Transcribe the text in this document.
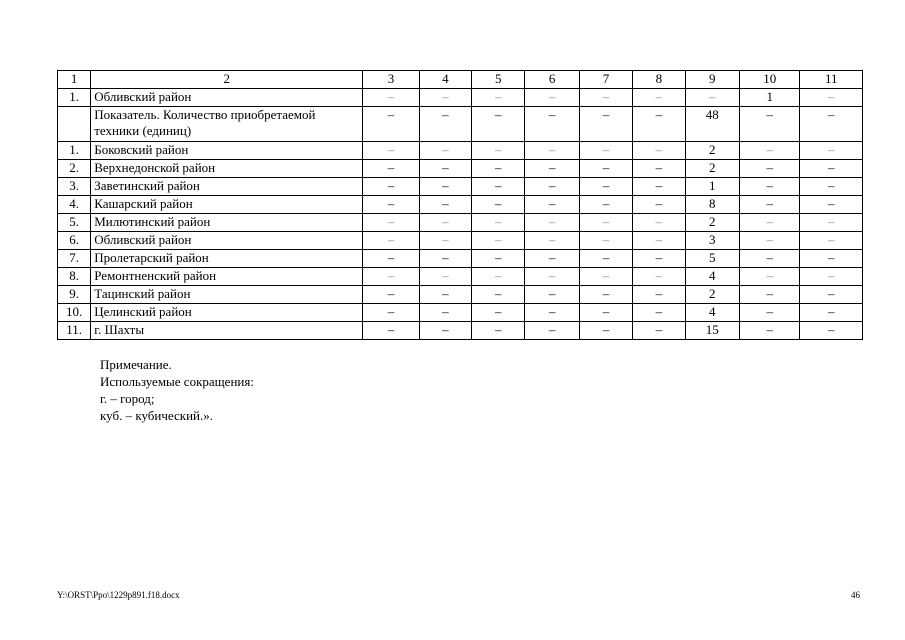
1	2	3	4	5	6	7	8	9	10	11
1.	Обливский район	–	–	–	–	–	–	–	1	–
	Показатель. Количество приобретаемой техники (единиц)	–	–	–	–	–	–	48	–	–
1.	Боковский район	–	–	–	–	–	–	2	–	–
2.	Верхнедонской район	–	–	–	–	–	–	2	–	–
3.	Заветинский район	–	–	–	–	–	–	1	–	–
4.	Кашарский район	–	–	–	–	–	–	8	–	–
5.	Милютинский район	–	–	–	–	–	–	2	–	–
6.	Обливский район	–	–	–	–	–	–	3	–	–
7.	Пролетарский район	–	–	–	–	–	–	5	–	–
8.	Ремонтненский район	–	–	–	–	–	–	4	–	–
9.	Тацинский район	–	–	–	–	–	–	2	–	–
10.	Целинский район	–	–	–	–	–	–	4	–	–
11.	г. Шахты	–	–	–	–	–	–	15	–	–
Примечание.
Используемые сокращения:
г. – город;
куб. – кубический.».
Y:\ORST\Ppo\1229p891.f18.docx	46
